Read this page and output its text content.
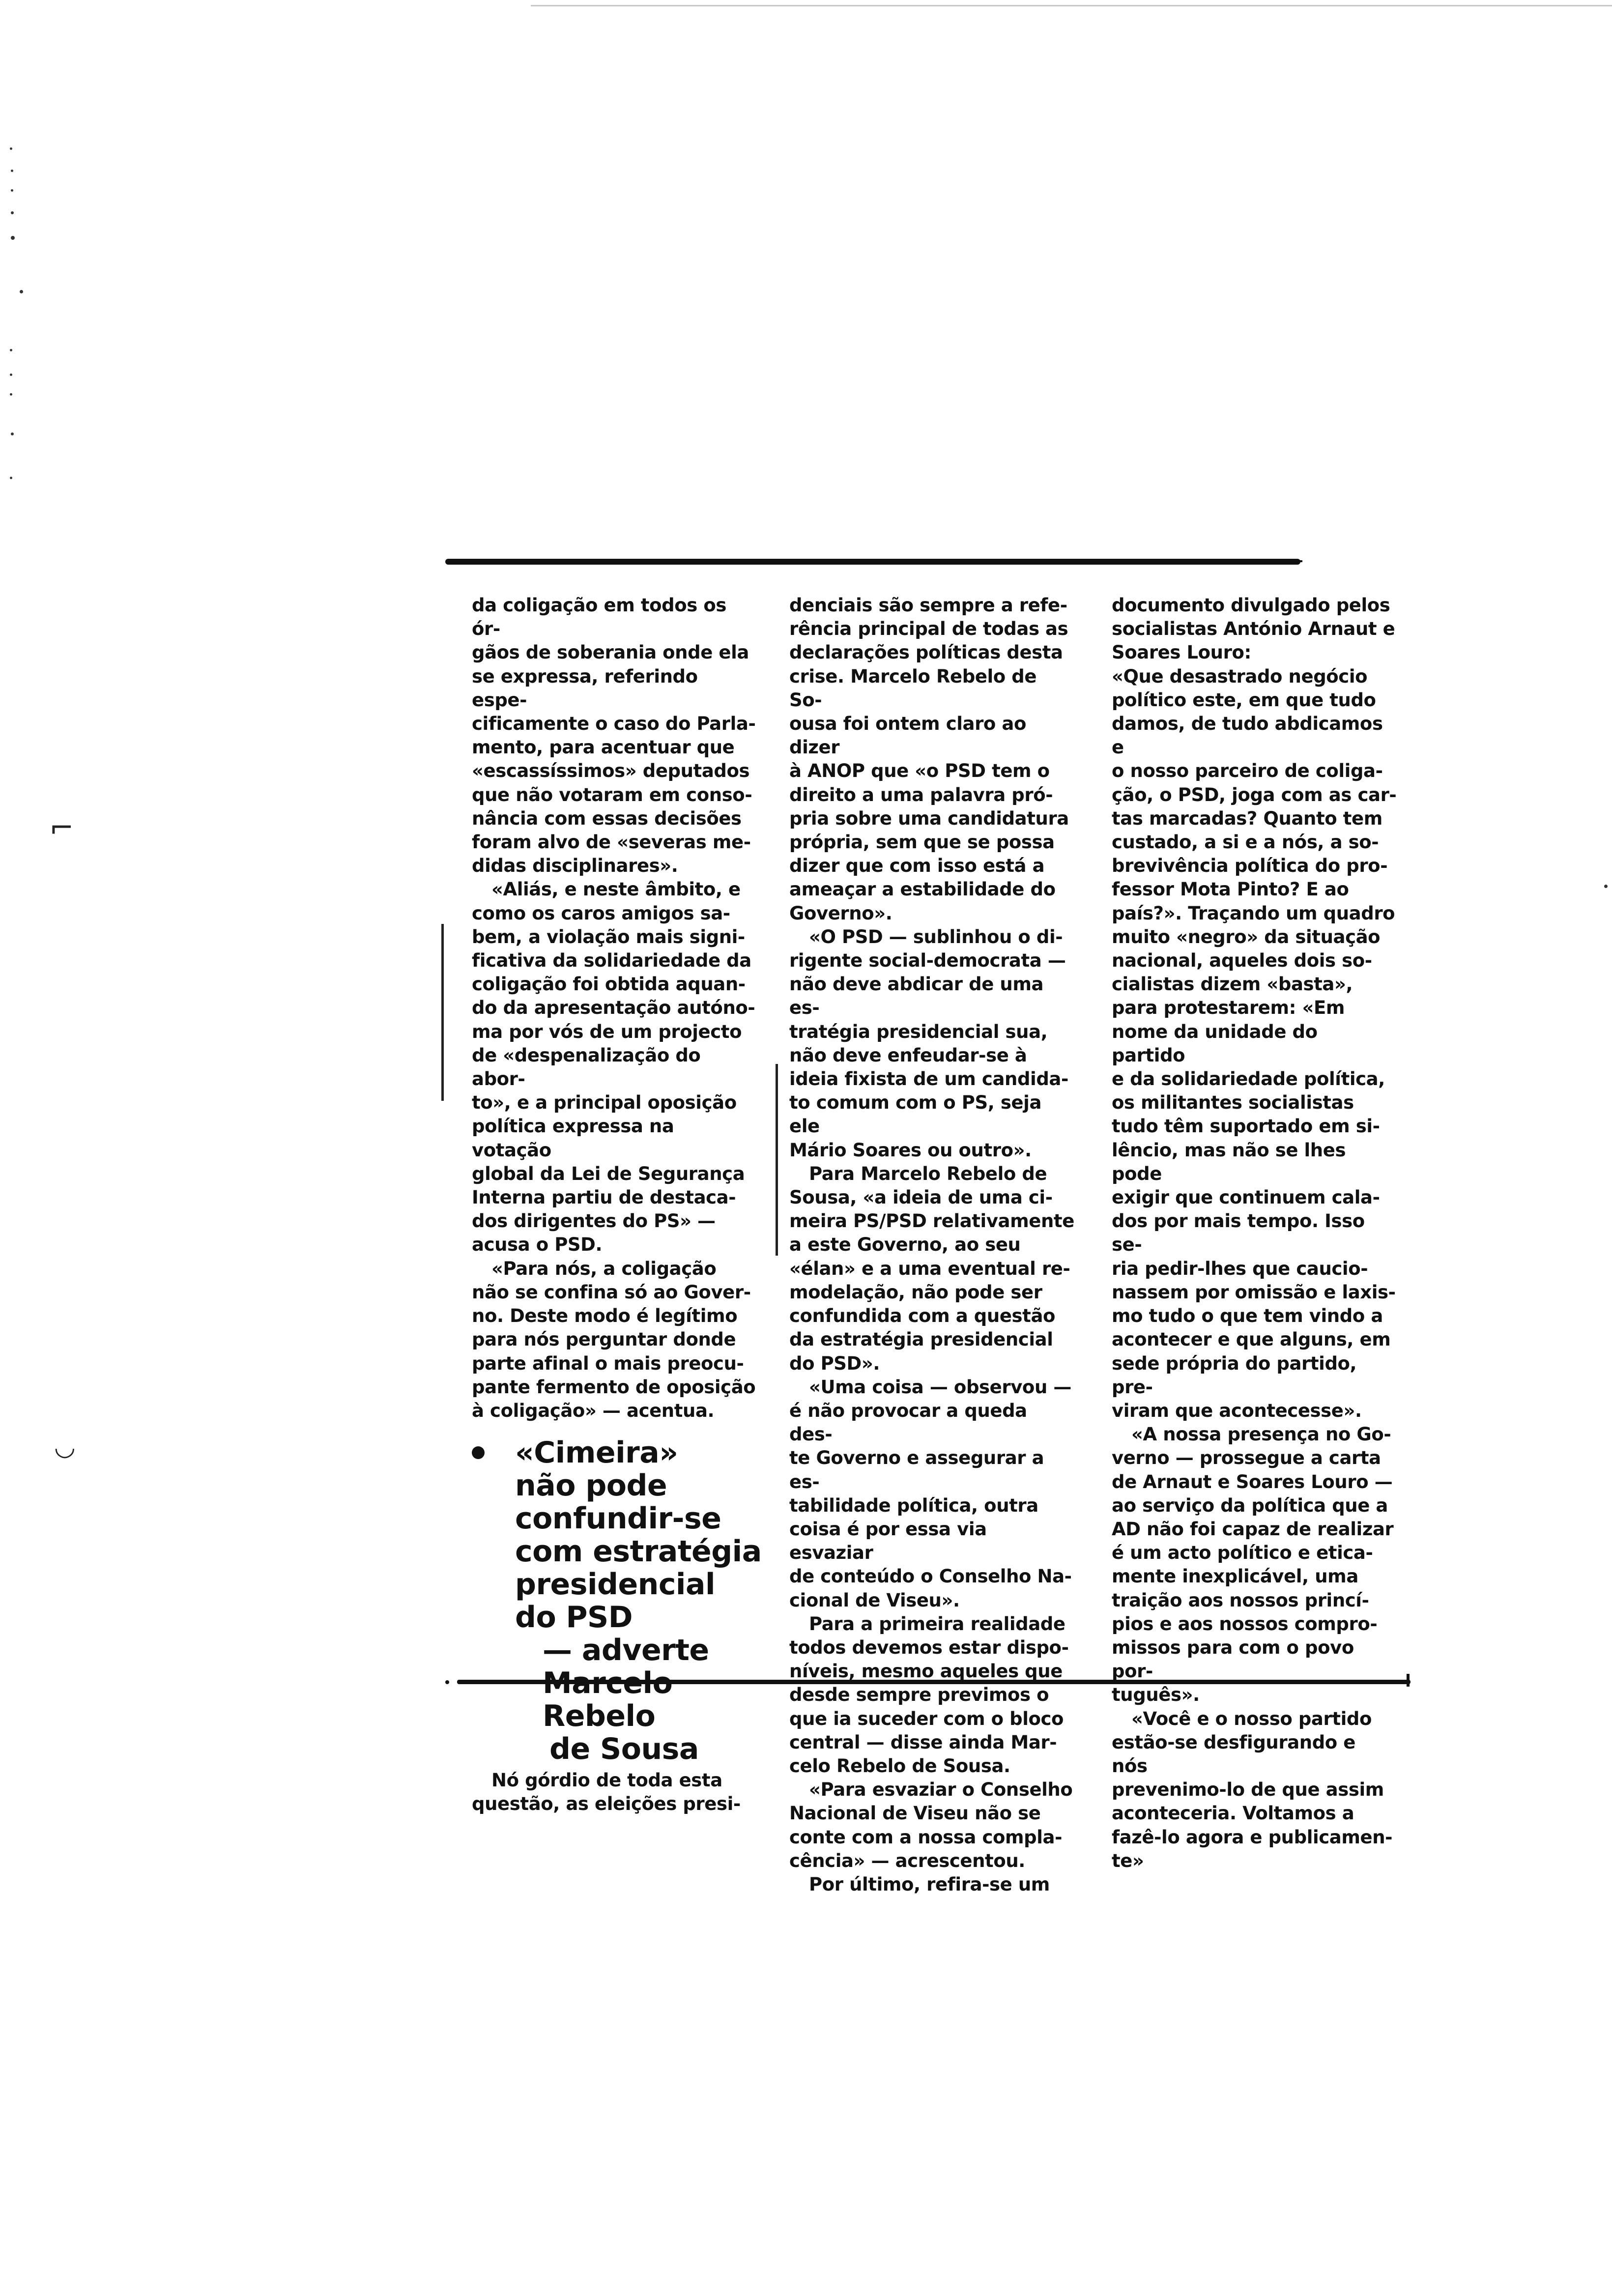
⌐
◡

da coligação em todos os ór-
gãos de soberania onde ela
se expressa, referindo espe-
cificamente o caso do Parla-
mento, para acentuar que
«escassíssimos» deputados
que não votaram em conso-
nância com essas decisões
foram alvo de «severas me-
didas disciplinares».

«Aliás, e neste âmbito, e
como os caros amigos sa-
bem, a violação mais signi-
ficativa da solidariedade da
coligação foi obtida aquan-
do da apresentação autóno-
ma por vós de um projecto
de «despenalização do abor-
to», e a principal oposição
política expressa na votação
global da Lei de Segurança
Interna partiu de destaca-
dos dirigentes do PS» —
acusa o PSD.

«Para nós, a coligação
não se confina só ao Gover-
no. Deste modo é legítimo
para nós perguntar donde
parte afinal o mais preocu-
pante fermento de oposição
à coligação» — acentua.

«Cimeira»
não pode
confundir-se
com estratégia
presidencial
do PSD
— adverte
Marcelo
Rebelo
de Sousa

Nó górdio de toda esta
questão, as eleições presi-

denciais são sempre a refe-
rência principal de todas as
declarações políticas desta
crise. Marcelo Rebelo de So-
ousa foi ontem claro ao dizer
à ANOP que «o PSD tem o
direito a uma palavra pró-
pria sobre uma candidatura
própria, sem que se possa
dizer que com isso está a
ameaçar a estabilidade do
Governo».

«O PSD — sublinhou o di-
rigente social-democrata —
não deve abdicar de uma es-
tratégia presidencial sua,
não deve enfeudar-se à
ideia fixista de um candida-
to comum com o PS, seja ele
Mário Soares ou outro».

Para Marcelo Rebelo de
Sousa, «a ideia de uma ci-
meira PS/PSD relativamente
a este Governo, ao seu
«élan» e a uma eventual re-
modelação, não pode ser
confundida com a questão
da estratégia presidencial
do PSD».

«Uma coisa — observou —
é não provocar a queda des-
te Governo e assegurar a es-
tabilidade política, outra
coisa é por essa via esvaziar
de conteúdo o Conselho Na-
cional de Viseu».

Para a primeira realidade
todos devemos estar dispo-
níveis, mesmo aqueles que
desde sempre previmos o
que ia suceder com o bloco
central — disse ainda Mar-
celo Rebelo de Sousa.

«Para esvaziar o Conselho
Nacional de Viseu não se
conte com a nossa compla-
cência» — acrescentou.

Por último, refira-se um

documento divulgado pelos
socialistas António Arnaut e
Soares Louro:

«Que desastrado negócio
político este, em que tudo
damos, de tudo abdicamos e
o nosso parceiro de coliga-
ção, o PSD, joga com as car-
tas marcadas? Quanto tem
custado, a si e a nós, a so-
brevivência política do pro-
fessor Mota Pinto? E ao
país?». Traçando um quadro
muito «negro» da situação
nacional, aqueles dois so-
cialistas dizem «basta»,
para protestarem: «Em
nome da unidade do partido
e da solidariedade política,
os militantes socialistas
tudo têm suportado em si-
lêncio, mas não se lhes pode
exigir que continuem cala-
dos por mais tempo. Isso se-
ria pedir-lhes que caucio-
nassem por omissão e laxis-
mo tudo o que tem vindo a
acontecer e que alguns, em
sede própria do partido, pre-
viram que acontecesse».

«A nossa presença no Go-
verno — prossegue a carta
de Arnaut e Soares Louro —
ao serviço da política que a
AD não foi capaz de realizar
é um acto político e etica-
mente inexplicável, uma
traição aos nossos princí-
pios e aos nossos compro-
missos para com o povo por-
tuguês».

«Você e o nosso partido
estão-se desfigurando e nós
prevenimo-lo de que assim
aconteceria. Voltamos a
fazê-lo agora e publicamen-
te»
